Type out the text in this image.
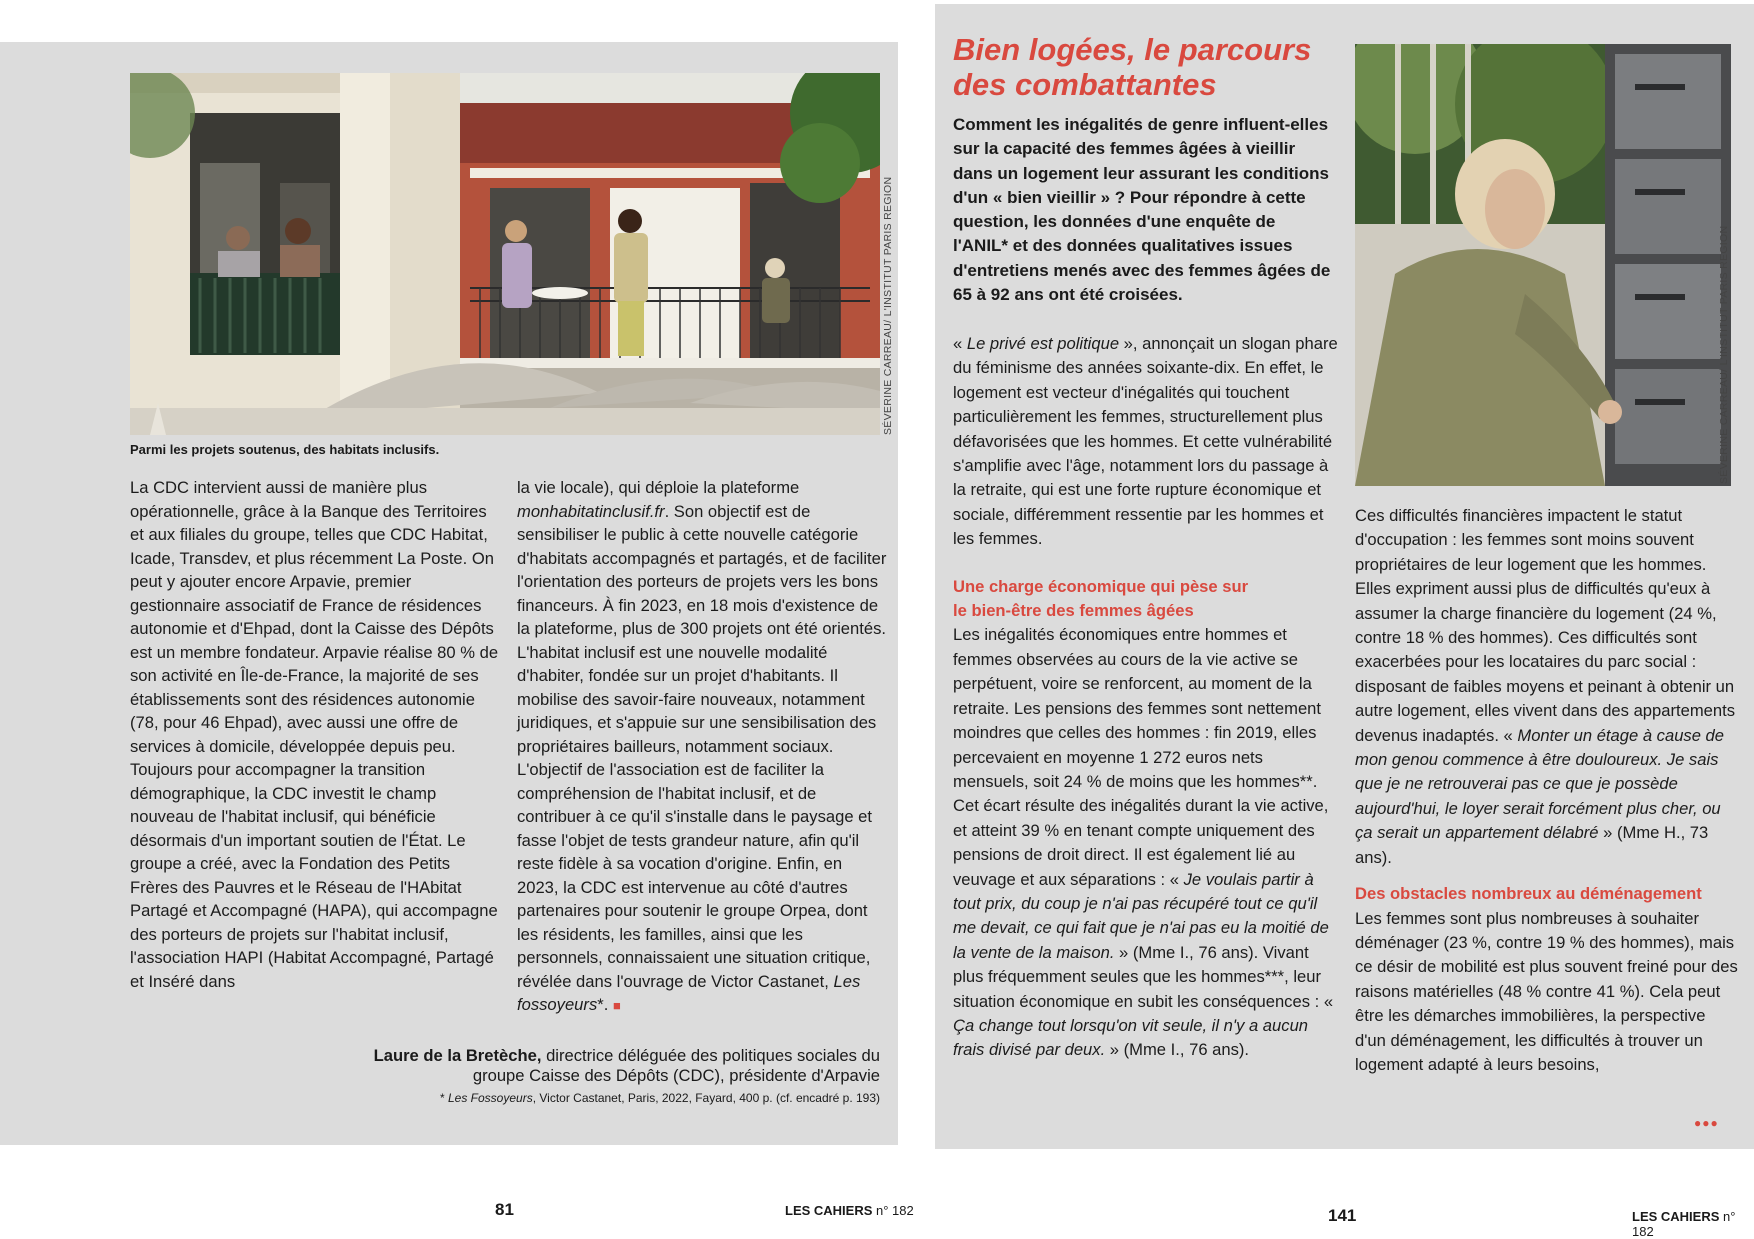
SÉVERINE CARREAU/ L'INSTITUT PARIS REGION
Parmi les projets soutenus, des habitats inclusifs.

La CDC intervient aussi de manière plus opérationnelle, grâce à la Banque des Territoires et aux filiales du groupe, telles que CDC Habitat, Icade, Transdev, et plus récemment La Poste. On peut y ajouter encore Arpavie, premier gestionnaire associatif de France de résidences autonomie et d'Ehpad, dont la Caisse des Dépôts est un membre fondateur. Arpavie réalise 80 % de son activité en Île-de-France, la majorité de ses établissements sont des résidences autonomie (78, pour 46 Ehpad), avec aussi une offre de services à domicile, développée depuis peu.

Toujours pour accompagner la transition démographique, la CDC investit le champ nouveau de l'habitat inclusif, qui bénéficie désormais d'un important soutien de l'État. Le groupe a créé, avec la Fondation des Petits Frères des Pauvres et le Réseau de l'HAbitat Partagé et Accompagné (HAPA), qui accompagne des porteurs de projets sur l'habitat inclusif, l'association HAPI (Habitat Accompagné, Partagé et Inséré dans

la vie locale), qui déploie la plateforme monhabitatinclusif.fr. Son objectif est de sensibiliser le public à cette nouvelle catégorie d'habitats accompagnés et partagés, et de faciliter l'orientation des porteurs de projets vers les bons financeurs. À fin 2023, en 18 mois d'existence de la plateforme, plus de 300 projets ont été orientés. L'habitat inclusif est une nouvelle modalité d'habiter, fondée sur un projet d'habitants. Il mobilise des savoir-faire nouveaux, notamment juridiques, et s'appuie sur une sensibilisation des propriétaires bailleurs, notamment sociaux. L'objectif de l'association est de faciliter la compréhension de l'habitat inclusif, et de contribuer à ce qu'il s'installe dans le paysage et fasse l'objet de tests grandeur nature, afin qu'il reste fidèle à sa vocation d'origine. Enfin, en 2023, la CDC est intervenue au côté d'autres partenaires pour soutenir le groupe Orpea, dont les résidents, les familles, ainsi que les personnels, connaissaient une situation critique, révélée dans l'ouvrage de Victor Castanet, Les fossoyeurs*. ■

Laure de la Bretèche, directrice déléguée des politiques sociales du groupe Caisse des Dépôts (CDC), présidente d'Arpavie
* Les Fossoyeurs, Victor Castanet, Paris, 2022, Fayard, 400 p. (cf. encadré p. 193)
81	LES CAHIERS n° 182
Bien logées, le parcours des combattantes
Comment les inégalités de genre influent-elles sur la capacité des femmes âgées à vieillir dans un logement leur assurant les conditions d'un « bien vieillir » ? Pour répondre à cette question, les données d'une enquête de l'ANIL* et des données qualitatives issues d'entretiens menés avec des femmes âgées de 65 à 92 ans ont été croisées.

« Le privé est politique », annonçait un slogan phare du féminisme des années soixante-dix. En effet, le logement est vecteur d'inégalités qui touchent particulièrement les femmes, structurellement plus défavorisées que les hommes. Et cette vulnérabilité s'amplifie avec l'âge, notamment lors du passage à la retraite, qui est une forte rupture économique et sociale, différemment ressentie par les hommes et les femmes.

Une charge économique qui pèse sur le bien-être des femmes âgées

Les inégalités économiques entre hommes et femmes observées au cours de la vie active se perpétuent, voire se renforcent, au moment de la retraite. Les pensions des femmes sont nettement moindres que celles des hommes : fin 2019, elles percevaient en moyenne 1 272 euros nets mensuels, soit 24 % de moins que les hommes**. Cet écart résulte des inégalités durant la vie active, et atteint 39 % en tenant compte uniquement des pensions de droit direct. Il est également lié au veuvage et aux séparations : « Je voulais partir à tout prix, du coup je n'ai pas récupéré tout ce qu'il me devait, ce qui fait que je n'ai pas eu la moitié de la vente de la maison. » (Mme I., 76 ans). Vivant plus fréquemment seules que les hommes***, leur situation économique en subit les conséquences : « Ça change tout lorsqu'on vit seule, il n'y a aucun frais divisé par deux. » (Mme I., 76 ans).

SÉVERINE CARREAU/ L'INSTITUT PARIS REGION

Ces difficultés financières impactent le statut d'occupation : les femmes sont moins souvent propriétaires de leur logement que les hommes. Elles expriment aussi plus de difficultés qu'eux à assumer la charge financière du logement (24 %, contre 18 % des hommes). Ces difficultés sont exacerbées pour les locataires du parc social : disposant de faibles moyens et peinant à obtenir un autre logement, elles vivent dans des appartements devenus inadaptés. « Monter un étage à cause de mon genou commence à être douloureux. Je sais que je ne retrouverai pas ce que je possède aujourd'hui, le loyer serait forcément plus cher, ou ça serait un appartement délabré » (Mme H., 73 ans).

Des obstacles nombreux au déménagement

Les femmes sont plus nombreuses à souhaiter déménager (23 %, contre 19 % des hommes), mais ce désir de mobilité est plus souvent freiné pour des raisons matérielles (48 % contre 41 %). Cela peut être les démarches immobilières, la perspective d'un déménagement, les difficultés à trouver un logement adapté à leurs besoins,

●●●
141	LES CAHIERS n° 182
